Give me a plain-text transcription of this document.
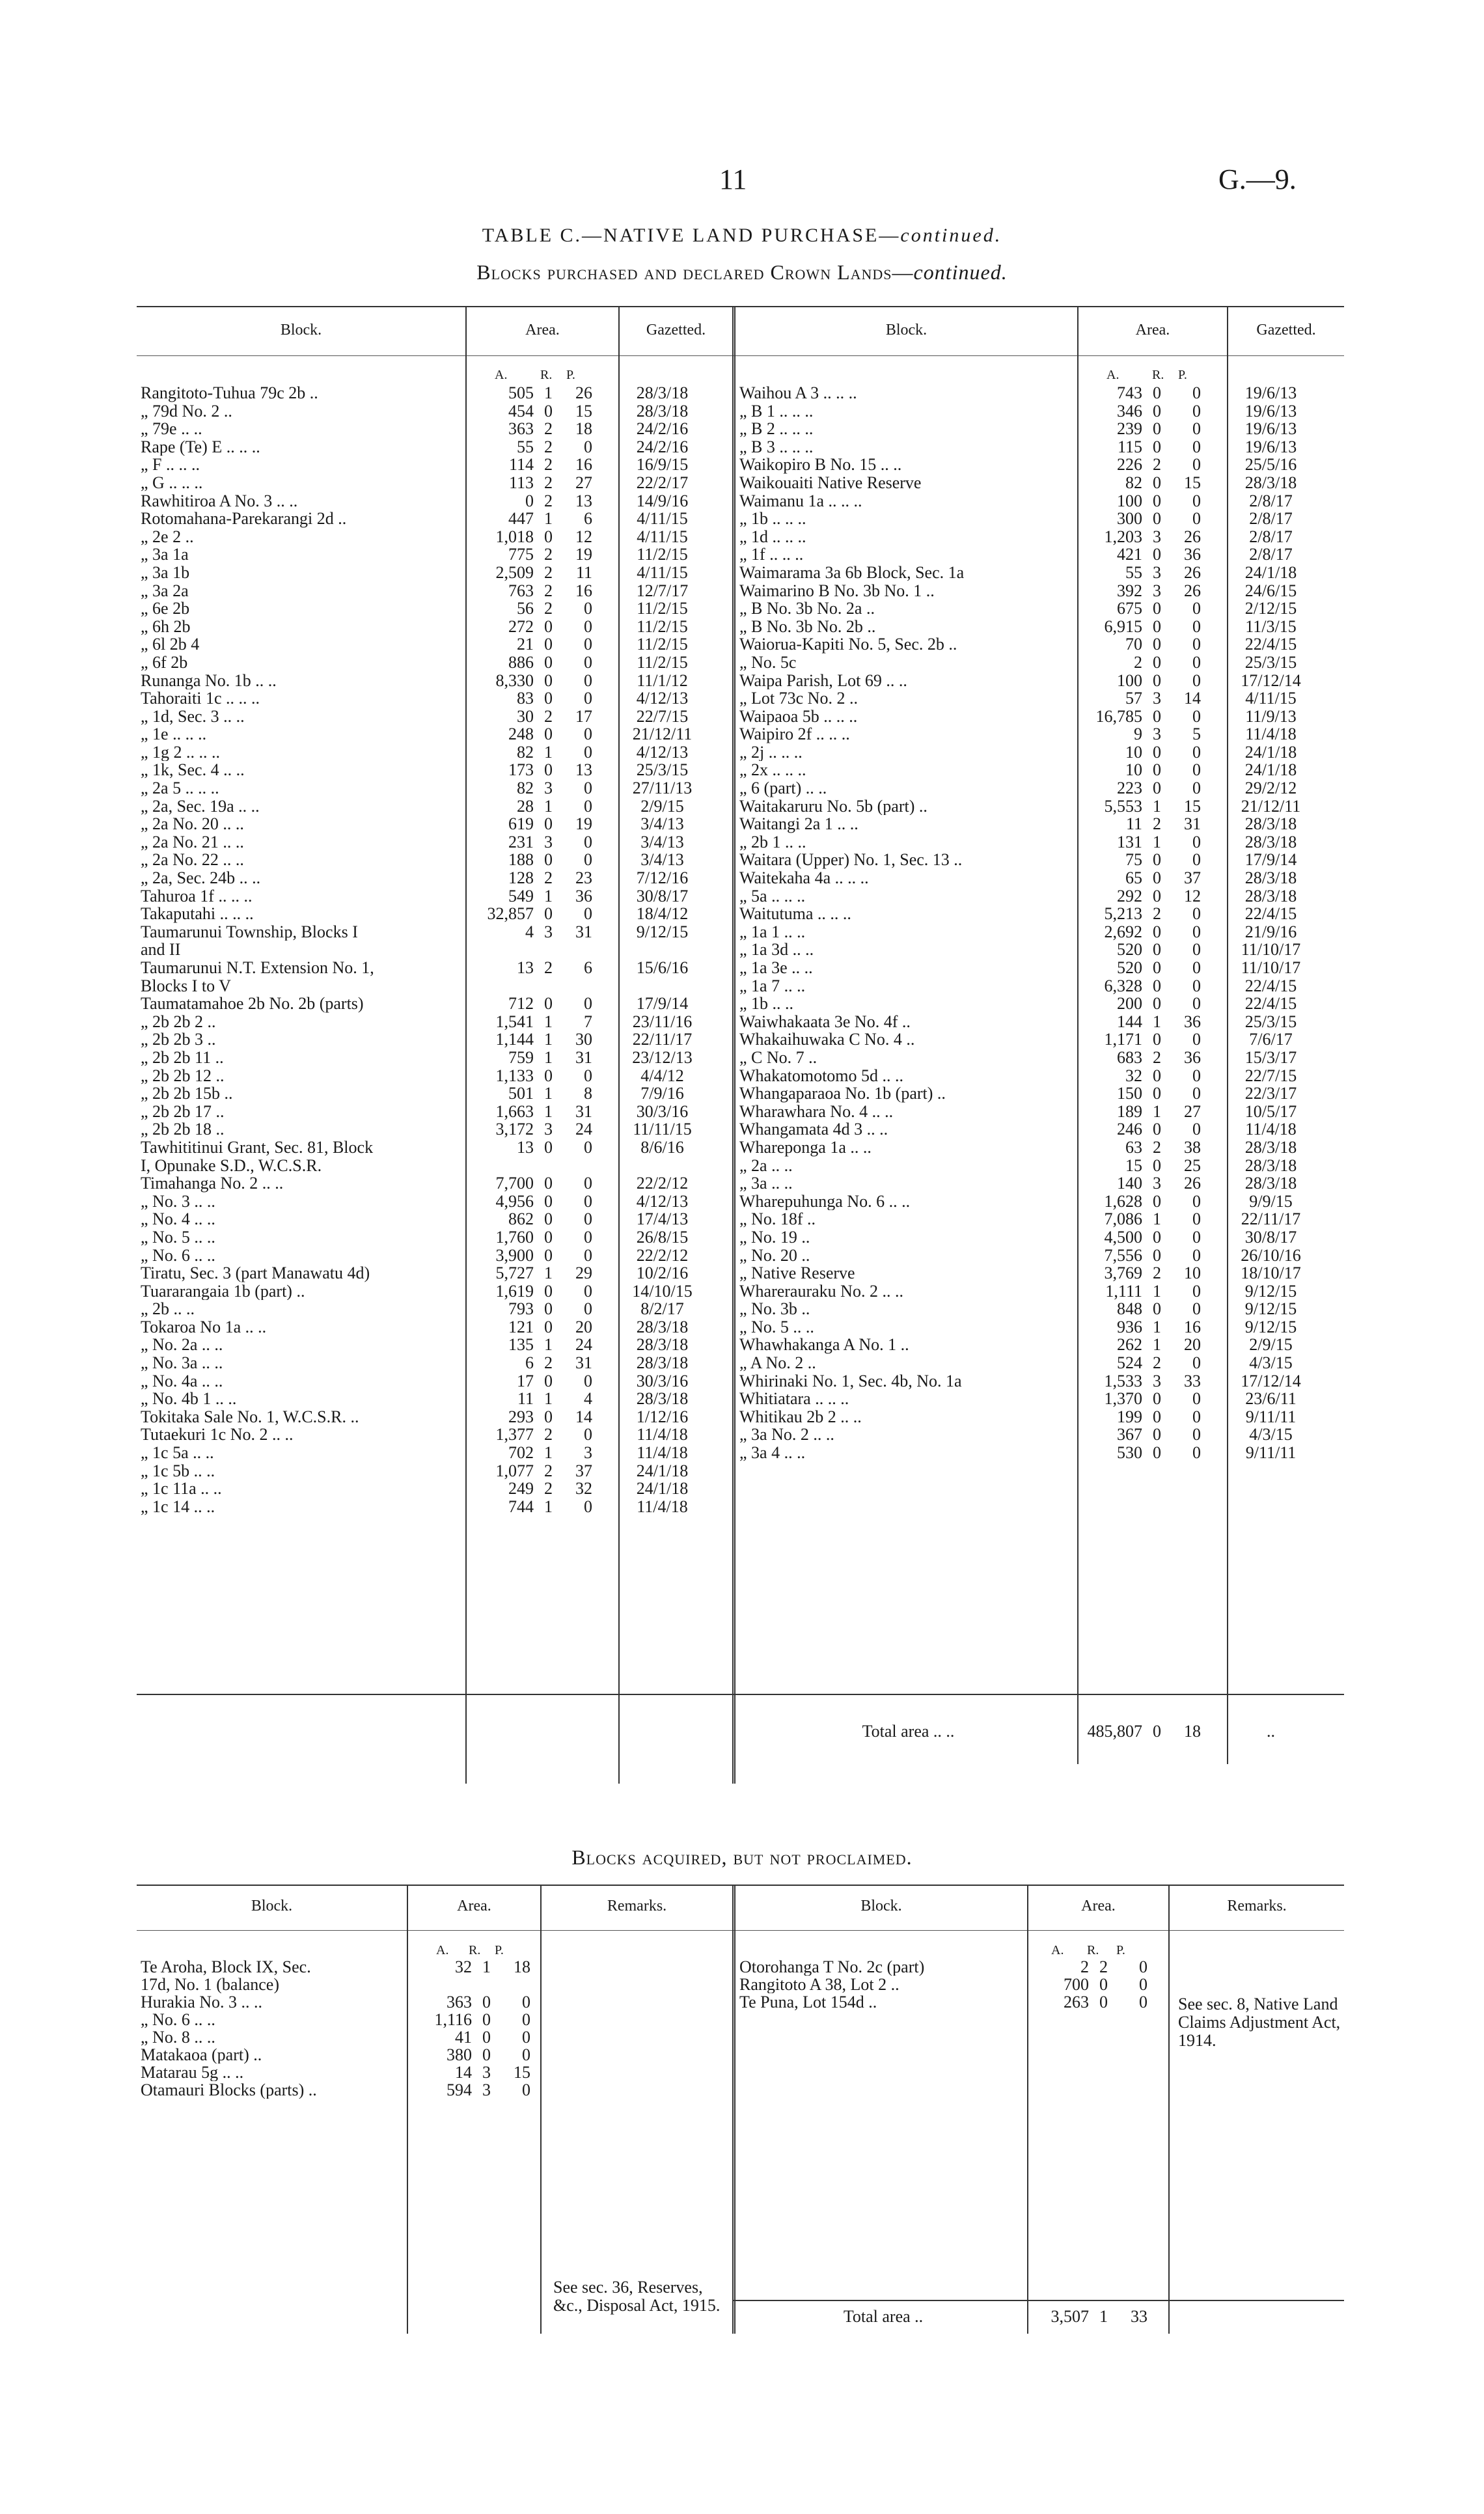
11	G.—9.
TABLE C.—NATIVE LAND PURCHASE—continued.
Blocks purchased and declared Crown Lands—continued.
Block.	Area.	Gazetted.	Block.	Area.	Gazetted.
A.	R. P.	A.	R. P.
Rangitoto-Tuhua 79c 2b ..	505 1	26	28/3/18
„ 79d No. 2 ..	454 0	15	28/3/18
„ 79e .. ..	363 2	18	24/2/16
Rape (Te) E .. .. ..	55 2	0	24/2/16
„ F .. .. ..	114 2	16	16/9/15
„ G .. .. ..	113 2	27	22/2/17
Rawhitiroa A No. 3 .. ..	0 2	13	14/9/16
Rotomahana-Parekarangi 2d ..	447 1	6	4/11/15
„ 2e 2 ..	1,018 0	12	4/11/15
„ 3a 1a	775 2	19	11/2/15
„ 3a 1b	2,509 2	11	4/11/15
„ 3a 2a	763 2	16	12/7/17
„ 6e 2b	56 2	0	11/2/15
„ 6h 2b	272 0	0	11/2/15
„ 6l 2b 4	21 0	0	11/2/15
„ 6f 2b	886 0	0	11/2/15
Runanga No. 1b .. ..	8,330 0	0	11/1/12
Tahoraiti 1c .. .. ..	83 0	0	4/12/13
„ 1d, Sec. 3 .. ..	30 2	17	22/7/15
„ 1e .. .. ..	248 0	0	21/12/11
„ 1g 2 .. .. ..	82 1	0	4/12/13
„ 1k, Sec. 4 .. ..	173 0	13	25/3/15
„ 2a 5 .. .. ..	82 3	0	27/11/13
„ 2a, Sec. 19a .. ..	28 1	0	2/9/15
„ 2a No. 20 .. ..	619 0	19	3/4/13
„ 2a No. 21 .. ..	231 3	0	3/4/13
„ 2a No. 22 .. ..	188 0	0	3/4/13
„ 2a, Sec. 24b .. ..	128 2	23	7/12/16
Tahuroa 1f .. .. ..	549 1	36	30/8/17
Takaputahi .. .. ..	32,857 0	0	18/4/12
Taumarunui Township, Blocks I	4 3	31	9/12/15
and II
Taumarunui N.T. Extension No. 1,	13 2	6	15/6/16
Blocks I to V
Taumatamahoe 2b No. 2b (parts)	712 0	0	17/9/14
„ 2b 2b 2 ..	1,541 1	7	23/11/16
„ 2b 2b 3 ..	1,144 1	30	22/11/17
„ 2b 2b 11 ..	759 1	31	23/12/13
„ 2b 2b 12 ..	1,133 0	0	4/4/12
„ 2b 2b 15b ..	501 1	8	7/9/16
„ 2b 2b 17 ..	1,663 1	31	30/3/16
„ 2b 2b 18 ..	3,172 3	24	11/11/15
Tawhititinui Grant, Sec. 81, Block	13 0	0	8/6/16
I, Opunake S.D., W.C.S.R.
Timahanga No. 2 .. ..	7,700 0	0	22/2/12
„ No. 3 .. ..	4,956 0	0	4/12/13
„ No. 4 .. ..	862 0	0	17/4/13
„ No. 5 .. ..	1,760 0	0	26/8/15
„ No. 6 .. ..	3,900 0	0	22/2/12
Tiratu, Sec. 3 (part Manawatu 4d)	5,727 1	29	10/2/16
Tuararangaia 1b (part) ..	1,619 0	0	14/10/15
„ 2b .. ..	793 0	0	8/2/17
Tokaroa No 1a .. ..	121 0	20	28/3/18
„ No. 2a .. ..	135 1	24	28/3/18
„ No. 3a .. ..	6 2	31	28/3/18
„ No. 4a .. ..	17 0	0	30/3/16
„ No. 4b 1 .. ..	11 1	4	28/3/18
Tokitaka Sale No. 1, W.C.S.R. ..	293 0	14	1/12/16
Tutaekuri 1c No. 2 .. ..	1,377 2	0	11/4/18
„ 1c 5a .. ..	702 1	3	11/4/18
„ 1c 5b .. ..	1,077 2	37	24/1/18
„ 1c 11a .. ..	249 2	32	24/1/18
„ 1c 14 .. ..	744 1	0	11/4/18
Waihou A 3 .. .. ..	743 0	0	19/6/13
„ B 1 .. .. ..	346 0	0	19/6/13
„ B 2 .. .. ..	239 0	0	19/6/13
„ B 3 .. .. ..	115 0	0	19/6/13
Waikopiro B No. 15 .. ..	226 2	0	25/5/16
Waikouaiti Native Reserve	82 0	15	28/3/18
Waimanu 1a .. .. ..	100 0	0	2/8/17
„ 1b .. .. ..	300 0	0	2/8/17
„ 1d .. .. ..	1,203 3	26	2/8/17
„ 1f .. .. ..	421 0	36	2/8/17
Waimarama 3a 6b Block, Sec. 1a	55 3	26	24/1/18
Waimarino B No. 3b No. 1 ..	392 3	26	24/6/15
„ B No. 3b No. 2a ..	675 0	0	2/12/15
„ B No. 3b No. 2b ..	6,915 0	0	11/3/15
Waiorua-Kapiti No. 5, Sec. 2b ..	70 0	0	22/4/15
„ No. 5c	2 0	0	25/3/15
Waipa Parish, Lot 69 .. ..	100 0	0	17/12/14
„ Lot 73c No. 2 ..	57 3	14	4/11/15
Waipaoa 5b .. .. ..	16,785 0	0	11/9/13
Waipiro 2f .. .. ..	9 3	5	11/4/18
„ 2j .. .. ..	10 0	0	24/1/18
„ 2x .. .. ..	10 0	0	24/1/18
„ 6 (part) .. ..	223 0	0	29/2/12
Waitakaruru No. 5b (part) ..	5,553 1	15	21/12/11
Waitangi 2a 1 .. ..	11 2	31	28/3/18
„ 2b 1 .. ..	131 1	0	28/3/18
Waitara (Upper) No. 1, Sec. 13 ..	75 0	0	17/9/14
Waitekaha 4a .. .. ..	65 0	37	28/3/18
„ 5a .. .. ..	292 0	12	28/3/18
Waitutuma .. .. ..	5,213 2	0	22/4/15
„ 1a 1 .. ..	2,692 0	0	21/9/16
„ 1a 3d .. ..	520 0	0	11/10/17
„ 1a 3e .. ..	520 0	0	11/10/17
„ 1a 7 .. ..	6,328 0	0	22/4/15
„ 1b .. ..	200 0	0	22/4/15
Waiwhakaata 3e No. 4f ..	144 1	36	25/3/15
Whakaihuwaka C No. 4 ..	1,171 0	0	7/6/17
„ C No. 7 ..	683 2	36	15/3/17
Whakatomotomo 5d .. ..	32 0	0	22/7/15
Whangaparaoa No. 1b (part) ..	150 0	0	22/3/17
Wharawhara No. 4 .. ..	189 1	27	10/5/17
Whangamata 4d 3 .. ..	246 0	0	11/4/18
Whareponga 1a .. ..	63 2	38	28/3/18
„ 2a .. ..	15 0	25	28/3/18
„ 3a .. ..	140 3	26	28/3/18
Wharepuhunga No. 6 .. ..	1,628 0	0	9/9/15
„ No. 18f ..	7,086 1	0	22/11/17
„ No. 19 ..	4,500 0	0	30/8/17
„ No. 20 ..	7,556 0	0	26/10/16
„ Native Reserve	3,769 2	10	18/10/17
Wharerauraku No. 2 .. ..	1,111 1	0	9/12/15
„ No. 3b ..	848 0	0	9/12/15
„ No. 5 .. ..	936 1	16	9/12/15
Whawhakanga A No. 1 ..	262 1	20	2/9/15
„ A No. 2 ..	524 2	0	4/3/15
Whirinaki No. 1, Sec. 4b, No. 1a	1,533 3	33	17/12/14
Whitiatara .. .. ..	1,370 0	0	23/6/11
Whitikau 2b 2 .. ..	199 0	0	9/11/11
„ 3a No. 2 .. ..	367 0	0	4/3/15
„ 3a 4 .. ..	530 0	0	9/11/11
Total area .. ..	485,807 0	18	..
Blocks acquired, but not proclaimed.
Block.	Area.	Remarks.	Block.	Area.	Remarks.
A. R. P.	A. R. P.
Te Aroha, Block IX, Sec.	32 1	18
17d, No. 1 (balance)
Hurakia No. 3 .. ..	363 0	0
„ No. 6 .. ..	1,116 0	0
„ No. 8 .. ..	41 0	0
Matakaoa (part) ..	380 0	0
Matarau 5g .. ..	14 3	15
Otamauri Blocks (parts) ..	594 3	0
Otorohanga T No. 2c (part)	2 2	0
Rangitoto A 38, Lot 2 ..	700 0	0
Te Puna, Lot 154d ..	263 0	0
See sec. 36, Reserves, &c., Disposal Act, 1915.
See sec. 8, Native Land Claims Adjustment Act, 1914.
Total area ..	3,507 1	33
